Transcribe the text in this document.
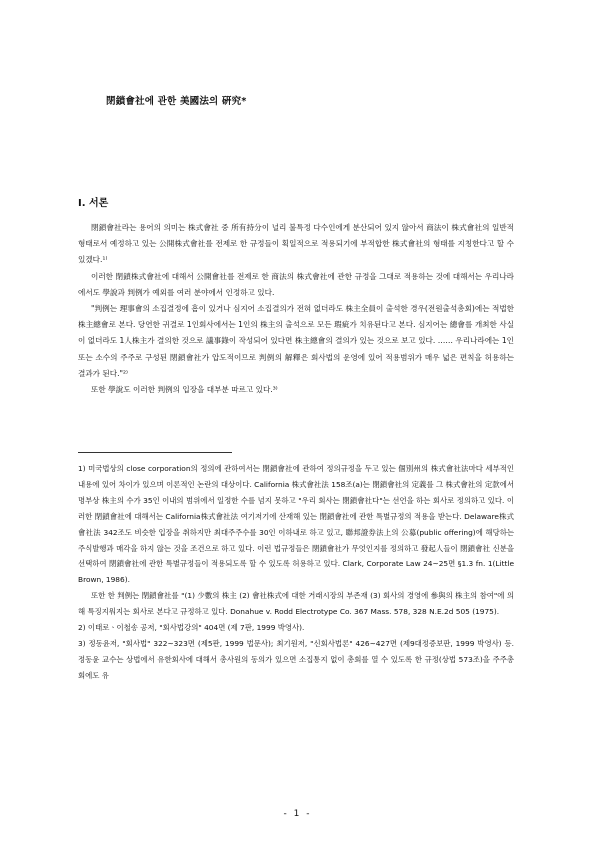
閉鎖會社에 관한 美國法의 硏究*
Ⅰ. 서론

閉鎖會社라는 용어의 의미는 株式會社 중 所有持分이 널리 불특정 다수인에게 분산되어 있지 않아서 商法이 株式會社의 일반적 형태로서 예정하고 있는 公開株式會社를 전제로 한 규정들이 획일적으로 적용되기에 부적합한 株式會社의 형태를 지칭한다고 할 수 있겠다.¹⁾

이러한 閉鎖株式會社에 대해서 公開會社를 전제로 한 商法의 株式會社에 관한 규정을 그대로 적용하는 것에 대해서는 우리나라에서도 學說과 判例가 예외를 여러 분야에서 인정하고 있다.

"判例는 理事會의 소집결정에 흠이 있거나 심지어 소집결의가 전혀 없더라도 株主全員이 출석한 경우(전원출석총회)에는 적법한 株主總會로 본다. 당연한 귀결로 1인회사에서는 1인의 株主의 출석으로 모든 瑕疵가 치유된다고 본다. 심지어는 總會를 개최한 사실이 없더라도 1人株主가 결의한 것으로 議事錄이 작성되어 있다면 株主總會의 결의가 있는 것으로 보고 있다. …… 우리나라에는 1인 또는 소수의 주주로 구성된 閉鎖會社가 압도적이므로 判例의 解釋은 회사법의 운영에 있어 적용범위가 매우 넓은 편칙을 허용하는 결과가 된다."²⁾

또한 學說도 이러한 判例의 입장을 대부분 따르고 있다.³⁾

1) 미국법상의 close corporation의 정의에 관하여서는 閉鎖會社에 관하여 정의규정을 두고 있는 個別州의 株式會社法마다 세부적인 내용에 있어 차이가 있으며 이론적인 논란의 대상이다. California 株式會社法 158조(a)는 閉鎖會社의 定義를 그 株式會社의 定款에서 명부상 株主의 수가 35인 이내의 범위에서 일정한 수를 넘지 못하고 "우리 회사는 閉鎖會社다"는 선언을 하는 회사로 정의하고 있다. 이러한 閉鎖會社에 대해서는 California株式會社法 여기저기에 산재해 있는 閉鎖會社에 관한 특별규정의 적용을 받는다. Delaware株式會社法 342조도 비슷한 입장을 취하지만 최대주주수를 30인 이하내로 하고 있고, 聯邦證券法上의 公募(public offering)에 해당하는 주식발행과 매각을 하지 않는 것을 조건으로 하고 있다. 이런 법규정들은 閉鎖會社가 무엇인지를 정의하고 發起人들이 閉鎖會社 신분을 선택하여 閉鎖會社에 관한 특별규정들이 적용되도록 할 수 있도록 허용하고 있다. Clark, Corporate Law 24~25면 §1.3 fn. 1(Little Brown, 1986).

또한 한 判例는 閉鎖會社를 "(1) 少數의 株主 (2) 會社株式에 대한 거래시장의 부존재 (3) 회사의 경영에 參與의 株主의 참여"에 의해 특징지워지는 회사로 본다고 규정하고 있다. Donahue v. Rodd Electrotype Co. 367 Mass. 578, 328 N.E.2d 505 (1975).

2) 이태로ㆍ이철송 공저, "회사법강의" 404면 (제 7판, 1999 박영사).

3) 정동윤저, "회사법" 322~323면 (제5판, 1999 법문사); 최기원저, "신회사법론" 426~427면 (제9대정증보판, 1999 박영사) 등. 정동윤 교수는 상법에서 유한회사에 대해서 총사원의 동의가 있으면 소집통지 없이 총회를 열 수 있도록 한 규정(상법 573조)을 주주총회에도 유

- 1 -
